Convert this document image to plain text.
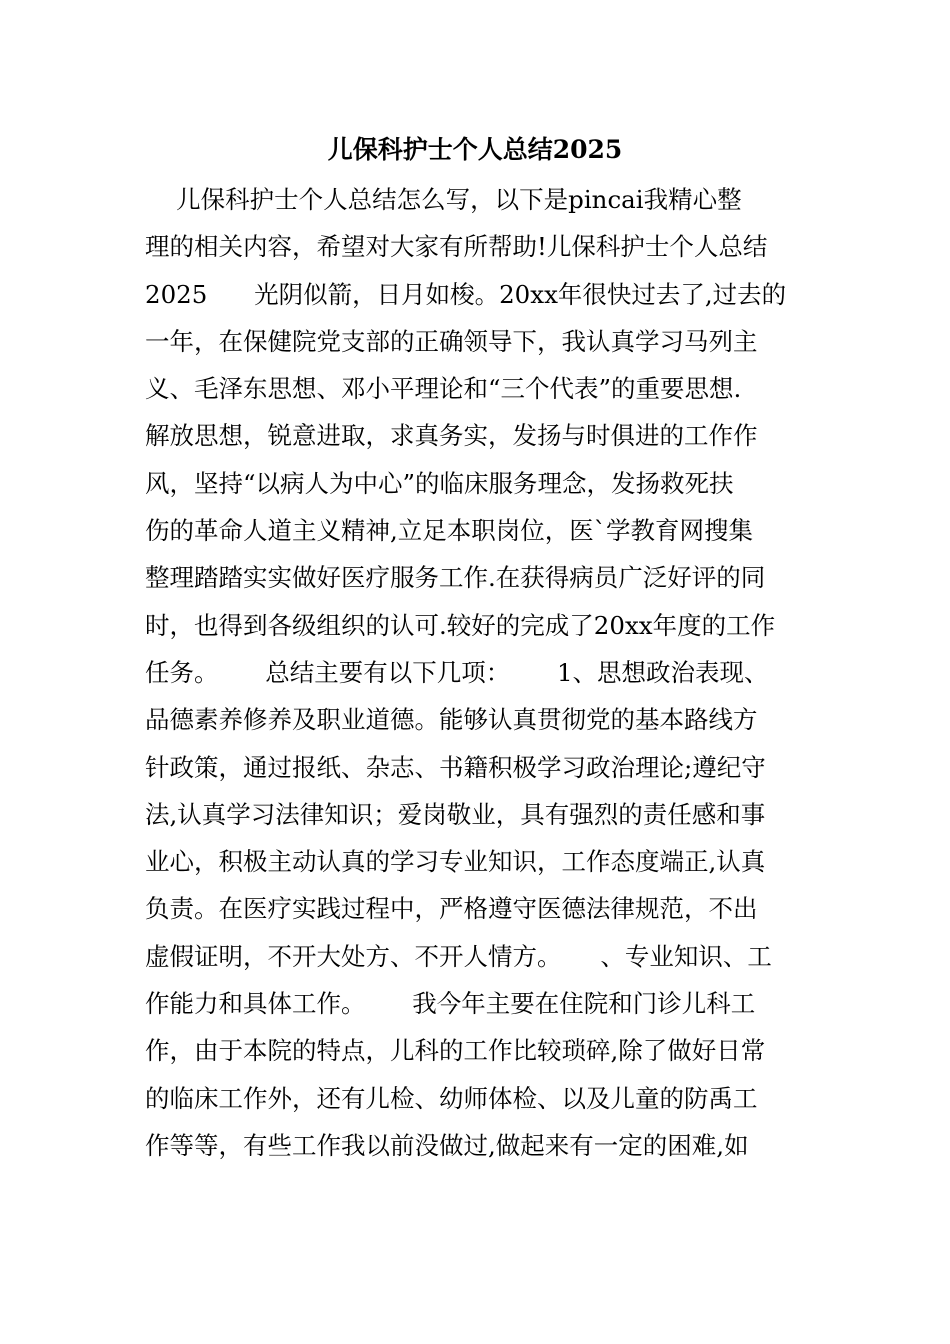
儿保科护士个人总结2025
儿保科护士个人总结怎么写，以下是pincai我精心整
理的相关内容，希望对大家有所帮助!儿保科护士个人总结
2025      光阴似箭，日月如梭。20xx年很快过去了,过去的
一年，在保健院党支部的正确领导下，我认真学习马列主
义、毛泽东思想、邓小平理论和“三个代表”的重要思想.
解放思想，锐意进取，求真务实，发扬与时俱进的工作作
风，坚持“以病人为中心”的临床服务理念，发扬救死扶
伤的革命人道主义精神,立足本职岗位，医`学教育网搜集
整理踏踏实实做好医疗服务工作.在获得病员广泛好评的同
时，也得到各级组织的认可.较好的完成了20xx年度的工作
任务。      总结主要有以下几项：      1、思想政治表现、
品德素养修养及职业道德。能够认真贯彻党的基本路线方
针政策，通过报纸、杂志、书籍积极学习政治理论;遵纪守
法,认真学习法律知识；爱岗敬业，具有强烈的责任感和事
业心，积极主动认真的学习专业知识，工作态度端正,认真
负责。在医疗实践过程中，严格遵守医德法律规范，不出
虚假证明，不开大处方、不开人情方。     、专业知识、工
作能力和具体工作。      我今年主要在住院和门诊儿科工
作，由于本院的特点，儿科的工作比较琐碎,除了做好日常
的临床工作外，还有儿检、幼师体检、以及儿童的防禹工
作等等，有些工作我以前没做过,做起来有一定的困难,如
